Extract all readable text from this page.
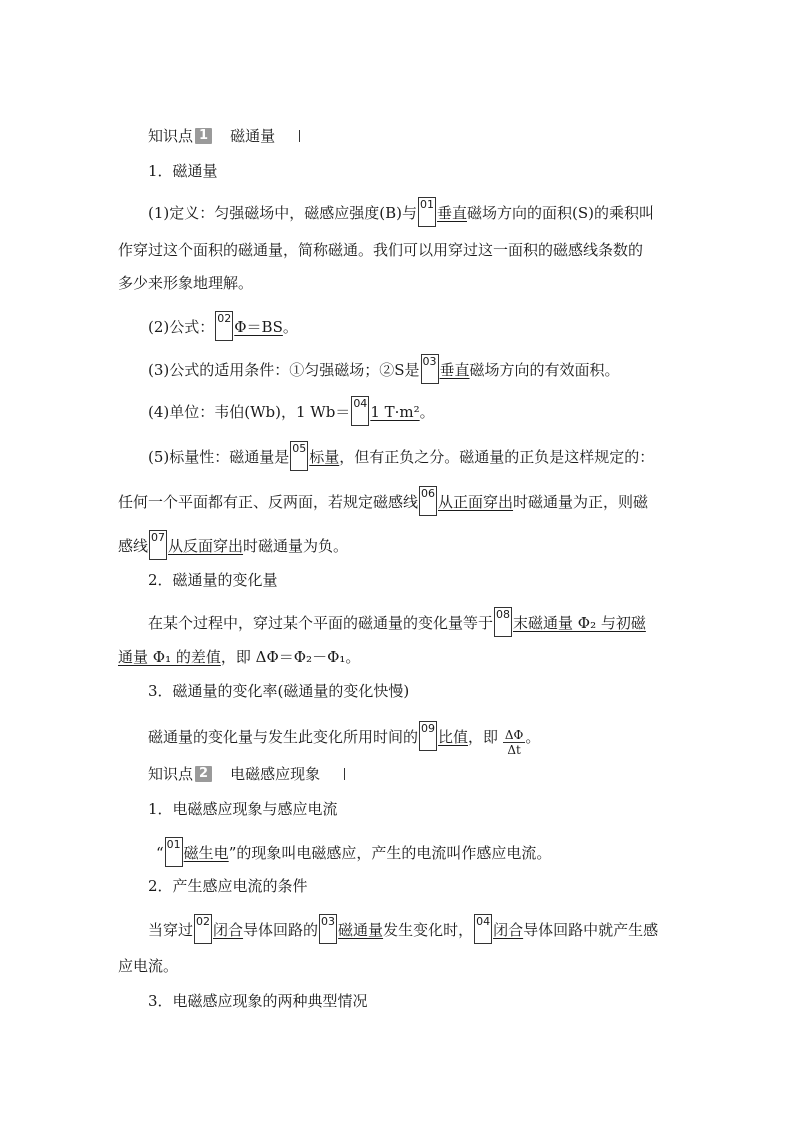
知识点 1 磁通量
1．磁通量
(1)定义：匀强磁场中，磁感应强度(B)与 01 垂直磁场方向的面积(S)的乘积叫
作穿过这个面积的磁通量，简称磁通。我们可以用穿过这一面积的磁感线条数的
多少来形象地理解。
(2)公式： 02 Φ＝BS。
(3)公式的适用条件：①匀强磁场；②S是 03 垂直磁场方向的有效面积。
(4)单位：韦伯(Wb)，1 Wb＝ 04 1 T·m²。
(5)标量性：磁通量是 05 标量，但有正负之分。磁通量的正负是这样规定的：
任何一个平面都有正、反两面，若规定磁感线 06 从正面穿出时磁通量为正，则磁
感线 07 从反面穿出时磁通量为负。
2．磁通量的变化量
在某个过程中，穿过某个平面的磁通量的变化量等于 08 末磁通量 Φ₂ 与初磁
通量 Φ₁ 的差值，即 ΔΦ＝Φ₂－Φ₁。
3．磁通量的变化率(磁通量的变化快慢)
磁通量的变化量与发生此变化所用时间的 09 比值，即 $\frac{\Delta\Phi}{\Delta t}$ 。
知识点 2 电磁感应现象
1．电磁感应现象与感应电流
“ 01 磁生电”的现象叫电磁感应，产生的电流叫作感应电流。
2．产生感应电流的条件
当穿过 02 闭合导体回路的 03 磁通量发生变化时， 04 闭合导体回路中就产生感
应电流。
3．电磁感应现象的两种典型情况
